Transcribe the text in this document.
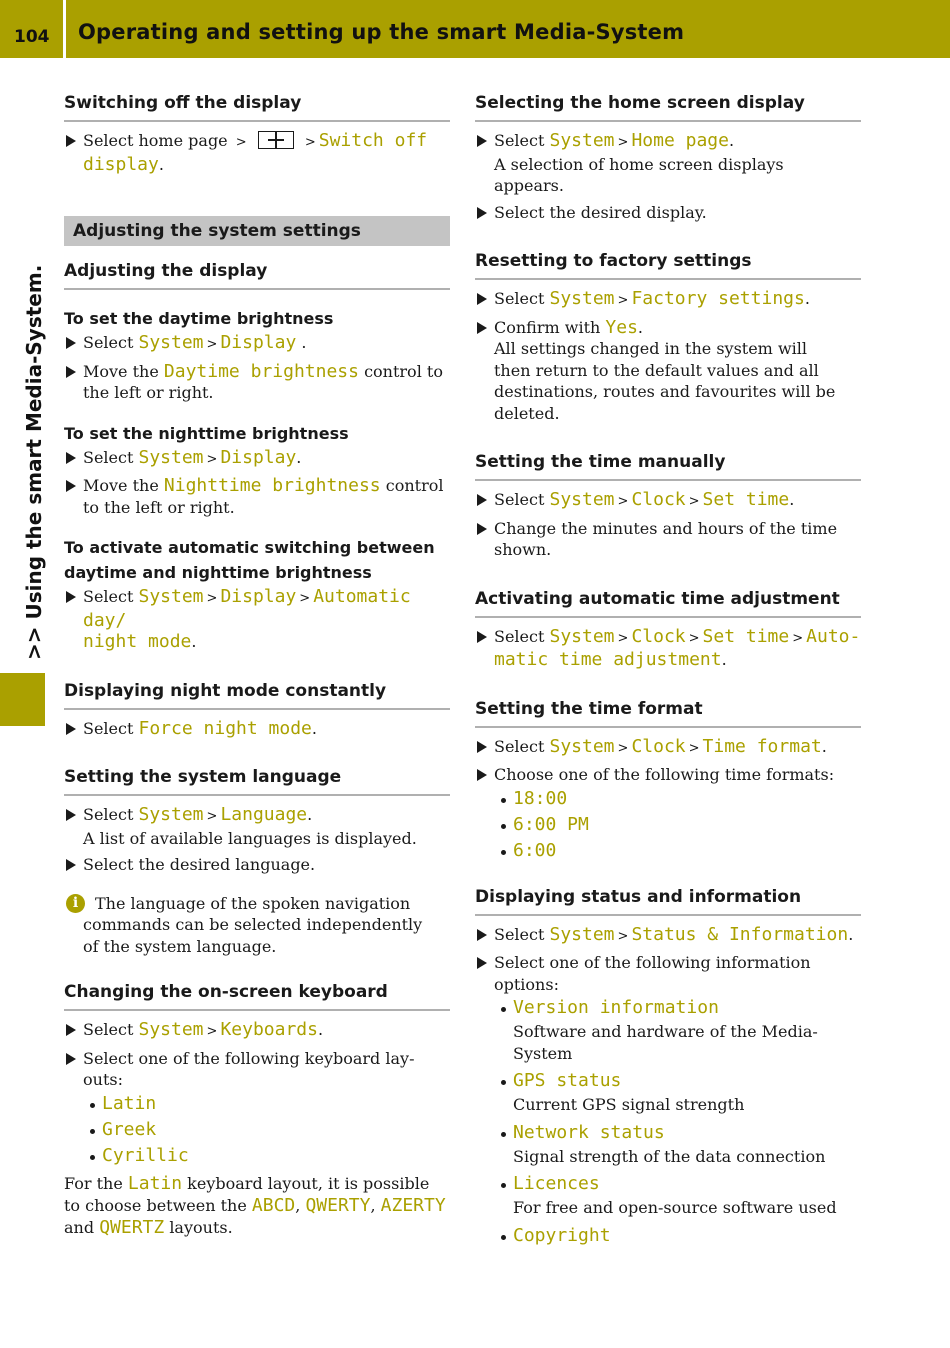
104 Operating and setting up the smart Media-System
>> Using the smart Media-System.
Switching off the display
Select home page >	> Switch off
display.
Adjusting the system settings
Adjusting the display
To set the daytime brightness
Select System > Display .
Move the Daytime brightness control to
the left or right.
To set the nighttime brightness
Select System > Display.
Move the Nighttime brightness control
to the left or right.
To activate automatic switching between
daytime and nighttime brightness
Select System > Display > Automatic day/
night mode.
Displaying night mode constantly
Select Force night mode.
Setting the system language
Select System > Language.
A list of available languages is displayed.
Select the desired language.
i	The language of the spoken navigation
commands can be selected independently
of the system language.
Changing the on-screen keyboard
Select System > Keyboards.
Select one of the following keyboard lay-
outs:
Latin
Greek
Cyrillic
For the Latin keyboard layout, it is possible
to choose between the ABCD, QWERTY, AZERTY
and QWERTZ layouts.
Selecting the home screen display
Select System > Home page.
A selection of home screen displays
appears.
Select the desired display.
Resetting to factory settings
Select System > Factory settings.
Confirm with Yes.
All settings changed in the system will
then return to the default values and all
destinations, routes and favourites will be
deleted.
Setting the time manually
Select System > Clock > Set time.
Change the minutes and hours of the time
shown.
Activating automatic time adjustment
Select System > Clock > Set time > Auto-
matic time adjustment.
Setting the time format
Select System > Clock > Time format.
Choose one of the following time formats:
18:00
6:00 PM
6:00
Displaying status and information
Select System > Status & Information.
Select one of the following information
options:
Version information
Software and hardware of the Media-
System
GPS status
Current GPS signal strength
Network status
Signal strength of the data connection
Licences
For free and open-source software used
Copyright
